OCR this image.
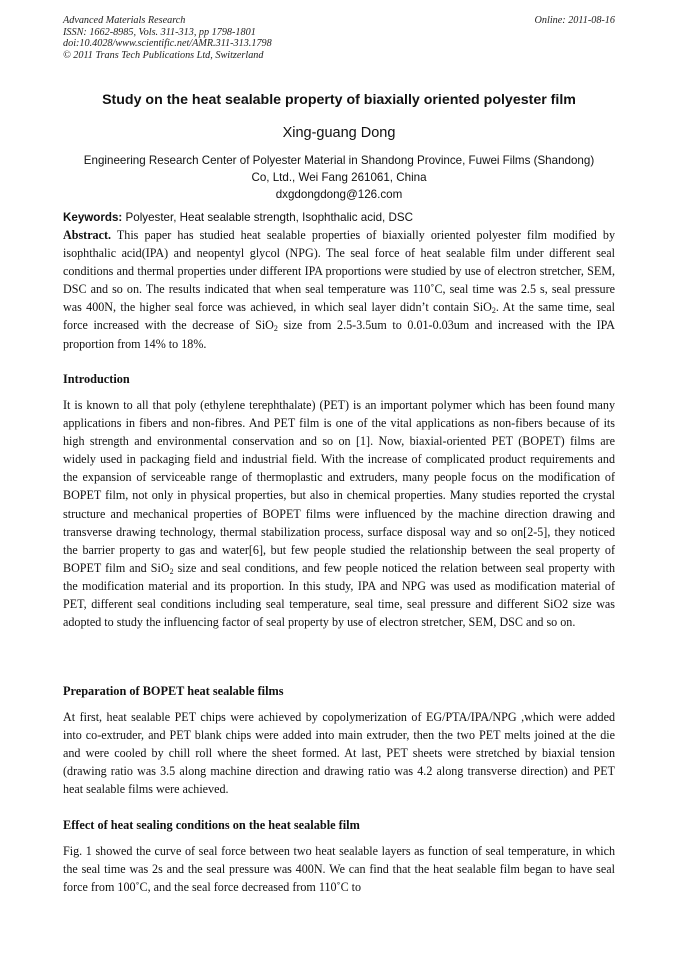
Advanced Materials Research
ISSN: 1662-8985, Vols. 311-313, pp 1798-1801
doi:10.4028/www.scientific.net/AMR.311-313.1798
© 2011 Trans Tech Publications Ltd, Switzerland
Online: 2011-08-16
Study on the heat sealable property of biaxially oriented polyester film
Xing-guang Dong
Engineering Research Center of Polyester Material in Shandong Province, Fuwei Films (Shandong)
Co, Ltd., Wei Fang 261061, China
dxgdongdong@126.com
Keywords: Polyester, Heat sealable strength, Isophthalic acid, DSC
Abstract. This paper has studied heat sealable properties of biaxially oriented polyester film modified by isophthalic acid(IPA) and neopentyl glycol (NPG). The seal force of heat sealable film under different seal conditions and thermal properties under different IPA proportions were studied by use of electron stretcher, SEM, DSC and so on. The results indicated that when seal temperature was 110˚C, seal time was 2.5 s, seal pressure was 400N, the higher seal force was achieved, in which seal layer didn’t contain SiO$_2$. At the same time, seal force increased with the decrease of SiO$_2$ size from 2.5-3.5um to 0.01-0.03um and increased with the IPA proportion from 14% to 18%.
Introduction
It is known to all that poly (ethylene terephthalate) (PET) is an important polymer which has been found many applications in fibers and non-fibres. And PET film is one of the vital applications as non-fibers because of its high strength and environmental conservation and so on [1]. Now, biaxial-oriented PET (BOPET) films are widely used in packaging field and industrial field. With the increase of complicated product requirements and the expansion of serviceable range of thermoplastic and extruders, many people focus on the modification of BOPET film, not only in physical properties, but also in chemical properties. Many studies reported the crystal structure and mechanical properties of BOPET films were influenced by the machine direction drawing and transverse drawing technology, thermal stabilization process, surface disposal way and so on[2-5], they noticed the barrier property to gas and water[6], but few people studied the relationship between the seal property of BOPET film and SiO$_2$ size and seal conditions, and few people noticed the relation between seal property with the modification material and its proportion. In this study, IPA and NPG was used as modification material of PET, different seal conditions including seal temperature, seal time, seal pressure and different SiO2 size was adopted to study the influencing factor of seal property by use of electron stretcher, SEM, DSC and so on.
Preparation of BOPET heat sealable films
At first, heat sealable PET chips were achieved by copolymerization of EG/PTA/IPA/NPG ,which were added into co-extruder, and PET blank chips were added into main extruder, then the two PET melts joined at the die and were cooled by chill roll where the sheet formed. At last, PET sheets were stretched by biaxial tension (drawing ratio was 3.5 along machine direction and drawing ratio was 4.2 along transverse direction) and PET heat sealable films were achieved.
Effect of heat sealing conditions on the heat sealable film
Fig. 1 showed the curve of seal force between two heat sealable layers as function of seal temperature, in which the seal time was 2s and the seal pressure was 400N. We can find that the heat sealable film began to have seal force from 100˚C, and the seal force decreased from 110˚C to
